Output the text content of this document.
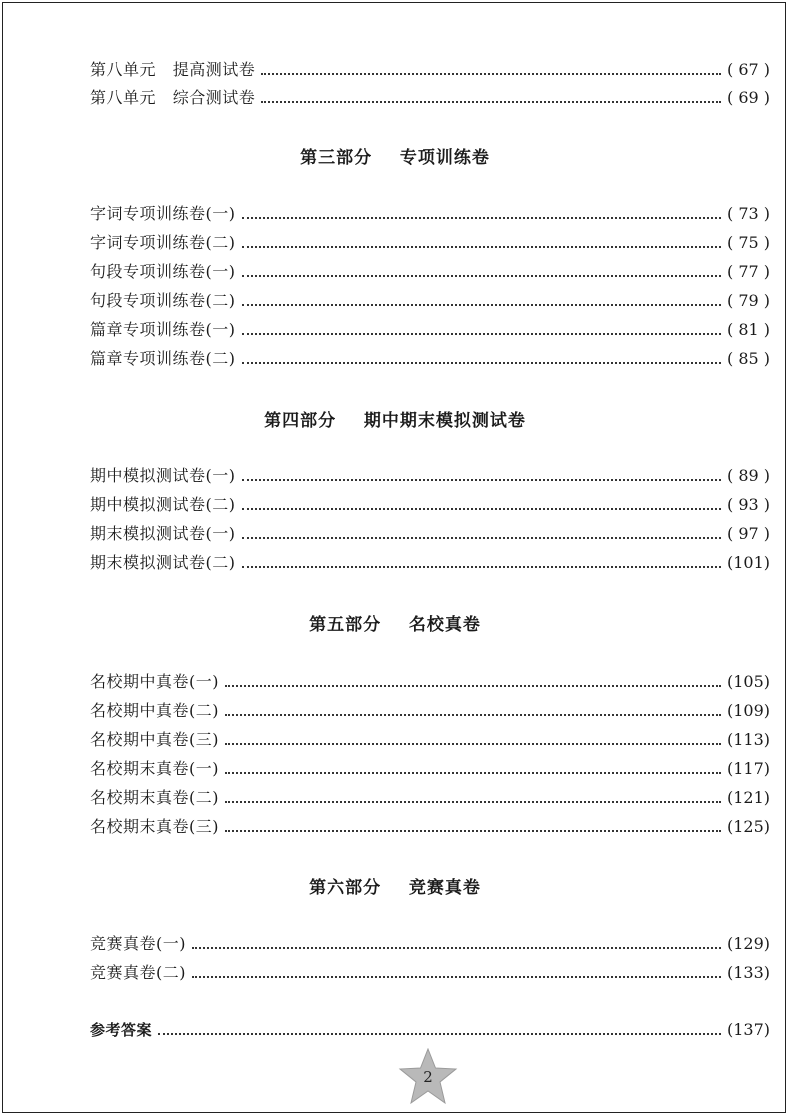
第八单元   提高测试卷	( 67 )
第八单元   综合测试卷	( 69 )
第三部分    专项训练卷
字词专项训练卷(一)	( 73 )
字词专项训练卷(二)	( 75 )
句段专项训练卷(一)	( 77 )
句段专项训练卷(二)	( 79 )
篇章专项训练卷(一)	( 81 )
篇章专项训练卷(二)	( 85 )
第四部分    期中期末模拟测试卷
期中模拟测试卷(一)	( 89 )
期中模拟测试卷(二)	( 93 )
期末模拟测试卷(一)	( 97 )
期末模拟测试卷(二)	(101)
第五部分    名校真卷
名校期中真卷(一)	(105)
名校期中真卷(二)	(109)
名校期中真卷(三)	(113)
名校期末真卷(一)	(117)
名校期末真卷(二)	(121)
名校期末真卷(三)	(125)
第六部分    竞赛真卷
竞赛真卷(一)	(129)
竞赛真卷(二)	(133)
参考答案	(137)
2
